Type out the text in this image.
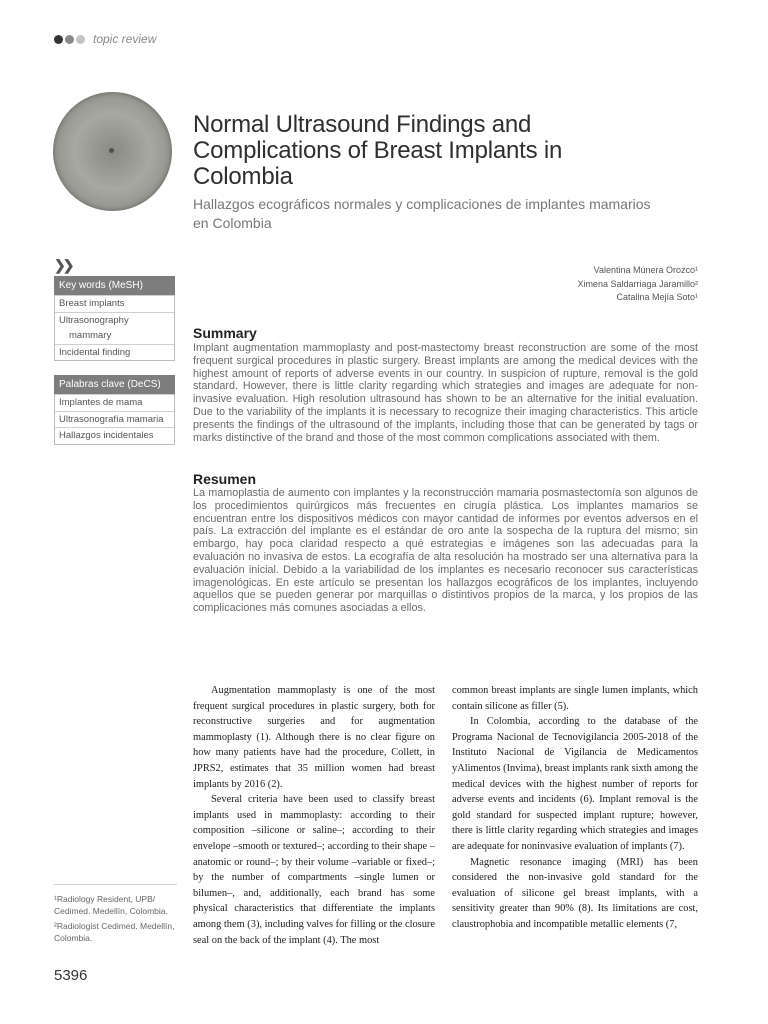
topic review
Normal Ultrasound Findings and Complications of Breast Implants in Colombia
Hallazgos ecográficos normales y complicaciones de implantes mamarios en Colombia
❯❯
Key words (MeSH)
Breast implants
Ultrasonography
mammary
Incidental finding
Palabras clave (DeCS)
Implantes de mama
Ultrasonografía mamaria
Hallazgos incidentales
Valentina Múnera Orozco¹
Ximena Saldarriaga Jaramillo²
Catalina Mejía Soto¹
Summary

Implant augmentation mammoplasty and post-mastectomy breast reconstruction are some of the most frequent surgical procedures in plastic surgery. Breast implants are among the medical devices with the highest amount of reports of adverse events in our country. In suspicion of rupture, removal is the gold standard. However, there is little clarity regarding which strategies and images are adequate for non-invasive evaluation. High resolution ultrasound has shown to be an alternative for the initial evaluation. Due to the variability of the implants it is necessary to recognize their imaging characteristics. This article presents the findings of the ultrasound of the implants, including those that can be generated by tags or marks distinctive of the brand and those of the most common complications associated with them.

Resumen

La mamoplastia de aumento con implantes y la reconstrucción mamaria posmastectomía son algunos de los procedimientos quirúrgicos más frecuentes en cirugía plástica. Los implantes mamarios se encuentran entre los dispositivos médicos con mayor cantidad de informes por eventos adversos en el país. La extracción del implante es el estándar de oro ante la sospecha de la ruptura del mismo; sin embargo, hay poca claridad respecto a qué estrategias e imágenes son las adecuadas para la evaluación no invasiva de estos. La ecografía de alta resolución ha mostrado ser una alternativa para la evaluación inicial. Debido a la variabilidad de los implantes es necesario reconocer sus características imagenológicas. En este artículo se presentan los hallazgos ecográficos de los implantes, incluyendo aquellos que se pueden generar por marquillas o distintivos propios de la marca, y los propios de las complicaciones más comunes asociadas a ellos.

Augmentation mammoplasty is one of the most frequent surgical procedures in plastic surgery, both for reconstructive surgeries and for augmentation mammoplasty (1). Although there is no clear figure on how many patients have had the procedure, Collett, in JPRS2, estimates that 35 million women had breast implants by 2016 (2).

Several criteria have been used to classify breast implants used in mammoplasty: according to their composition –silicone or saline–; according to their envelope –smooth or textured–; according to their shape –anatomic or round–; by their volume –variable or fixed–; by the number of compartments –single lumen or bilumen–, and, additionally, each brand has some physical characteristics that differentiate the implants among them (3), including valves for filling or the closure seal on the back of the implant (4). The most

common breast implants are single lumen implants, which contain silicone as filler (5).

In Colombia, according to the database of the Programa Nacional de Tecnovigilancia 2005-2018 of the Instituto Nacional de Vigilancia de Medicamentos yAlimentos (Invima), breast implants rank sixth among the medical devices with the highest number of reports for adverse events and incidents (6). Implant removal is the gold standard for suspected implant rupture; however, there is little clarity regarding which strategies and images are adequate for noninvasive evaluation of implants (7).

Magnetic resonance imaging (MRI) has been considered the non-invasive gold standard for the evaluation of silicone gel breast implants, with a sensitivity greater than 90% (8). Its limitations are cost, claustrophobia and incompatible metallic elements (7,

¹Radiology Resident, UPB/ Cedimed. Medellín, Colombia.
²Radiologist Cedimed. Medellín, Colombia.
5396
